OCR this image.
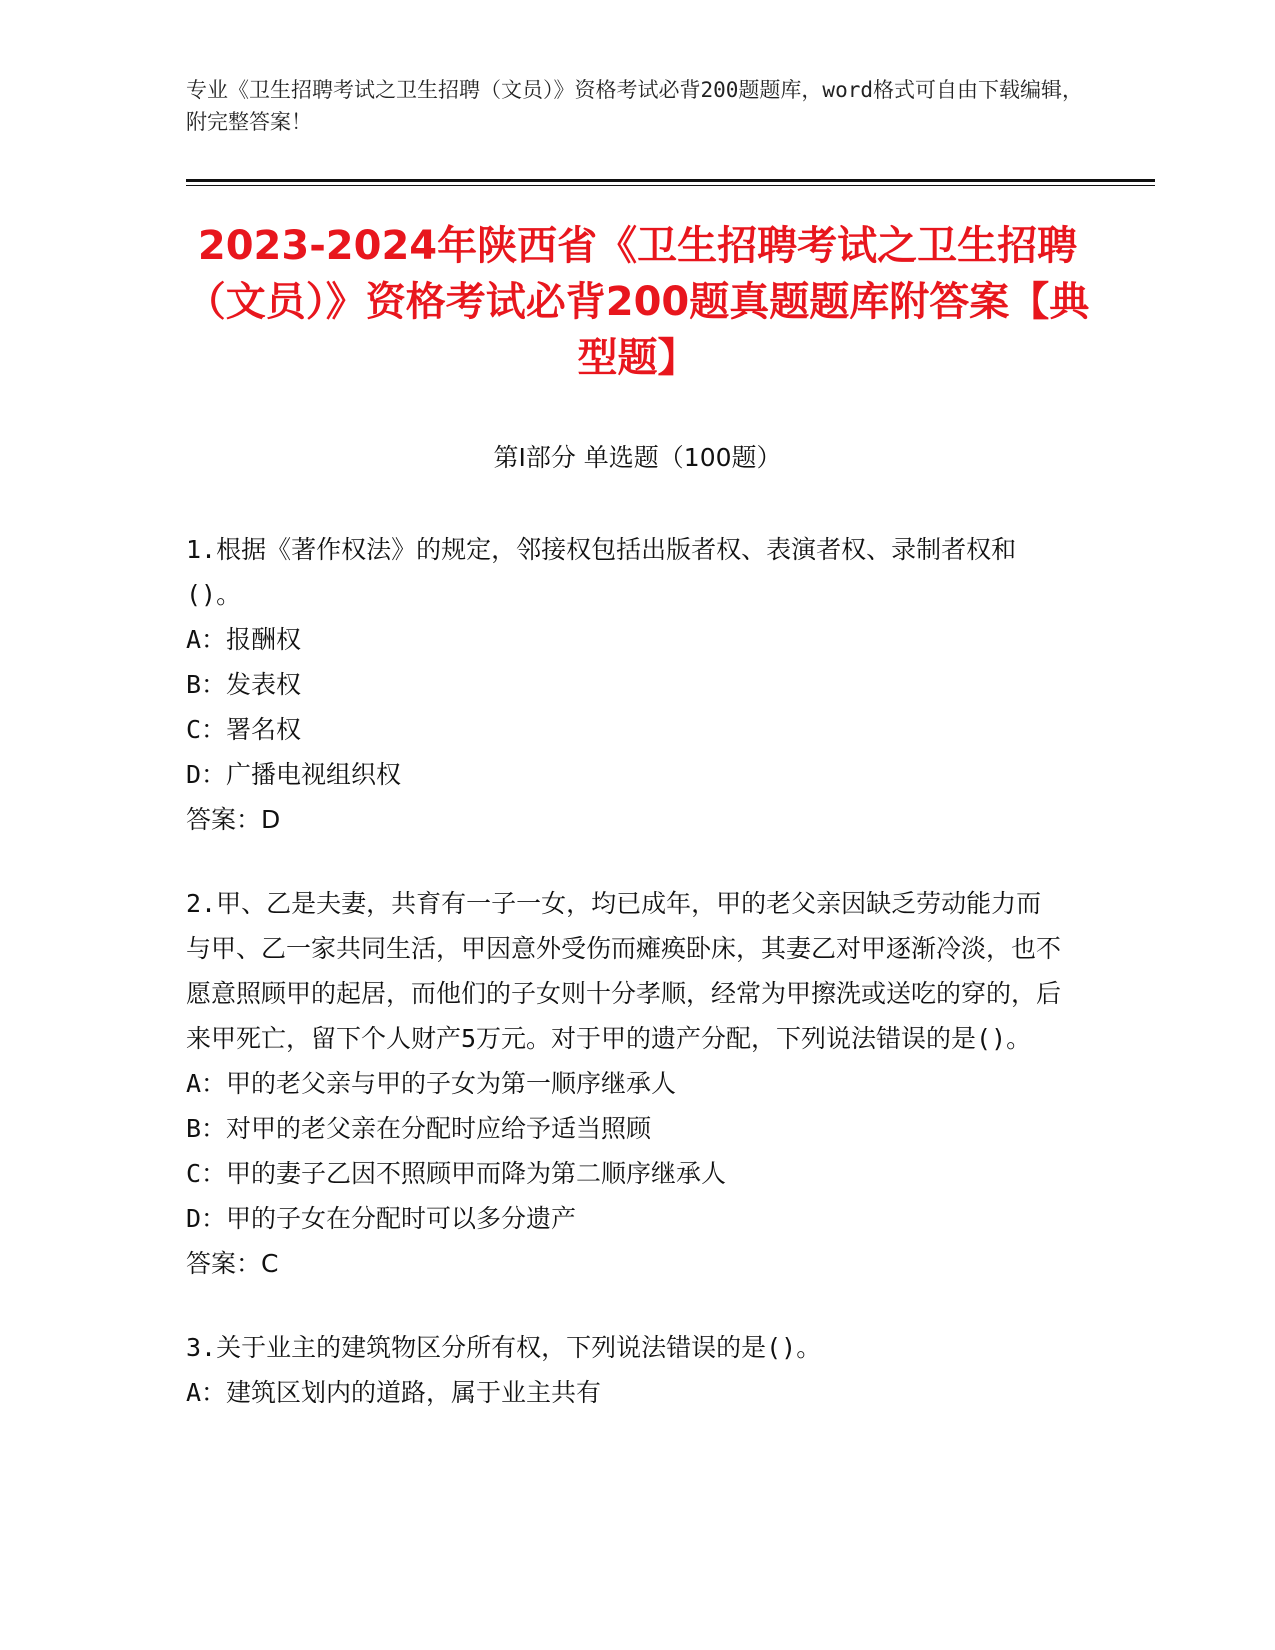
专业《卫生招聘考试之卫生招聘（文员）》资格考试必背200题题库，word格式可自由下载编辑，附完整答案！
2023-2024年陕西省《卫生招聘考试之卫生招聘（文员）》资格考试必背200题真题题库附答案【典型题】
第I部分 单选题（100题）
1.根据《著作权法》的规定，邻接权包括出版者权、表演者权、录制者权和()。
A：报酬权
B：发表权
C：署名权
D：广播电视组织权
答案：D
2.甲、乙是夫妻，共育有一子一女，均已成年，甲的老父亲因缺乏劳动能力而与甲、乙一家共同生活，甲因意外受伤而瘫痪卧床，其妻乙对甲逐渐冷淡，也不愿意照顾甲的起居，而他们的子女则十分孝顺，经常为甲擦洗或送吃的穿的，后来甲死亡，留下个人财产5万元。对于甲的遗产分配，下列说法错误的是()。
A：甲的老父亲与甲的子女为第一顺序继承人
B：对甲的老父亲在分配时应给予适当照顾
C：甲的妻子乙因不照顾甲而降为第二顺序继承人
D：甲的子女在分配时可以多分遗产
答案：C
3.关于业主的建筑物区分所有权，下列说法错误的是()。
A：建筑区划内的道路，属于业主共有
